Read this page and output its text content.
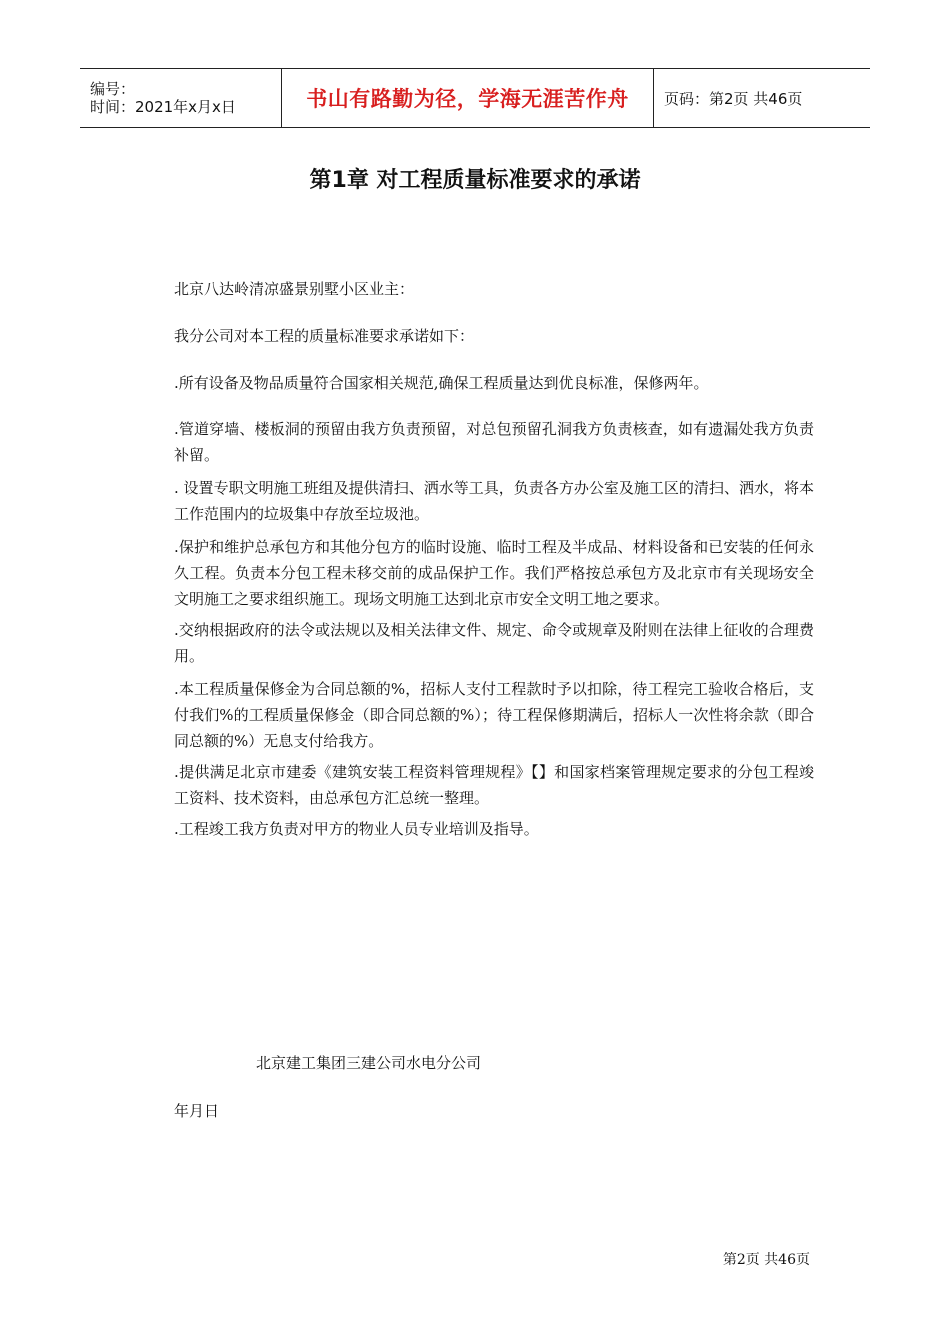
编号：
时间：2021年x月x日	书山有路勤为径，学海无涯苦作舟 页码：第2页 共46页
第1章 对工程质量标准要求的承诺
北京八达岭清凉盛景别墅小区业主：
我分公司对本工程的质量标准要求承诺如下：
.所有设备及物品质量符合国家相关规范,确保工程质量达到优良标准，保修两年。
.管道穿墙、楼板洞的预留由我方负责预留，对总包预留孔洞我方负责核查，如有遗漏处我方负责补留。
. 设置专职文明施工班组及提供清扫、洒水等工具，负责各方办公室及施工区的清扫、洒水，将本工作范围内的垃圾集中存放至垃圾池。
.保护和维护总承包方和其他分包方的临时设施、临时工程及半成品、材料设备和已安装的任何永久工程。负责本分包工程未移交前的成品保护工作。我们严格按总承包方及北京市有关现场安全文明施工之要求组织施工。现场文明施工达到北京市安全文明工地之要求。
.交纳根据政府的法令或法规以及相关法律文件、规定、命令或规章及附则在法律上征收的合理费用。
.本工程质量保修金为合同总额的%，招标人支付工程款时予以扣除，待工程完工验收合格后，支付我们%的工程质量保修金（即合同总额的%）；待工程保修期满后，招标人一次性将余款（即合同总额的%）无息支付给我方。
.提供满足北京市建委《建筑安装工程资料管理规程》【】和国家档案管理规定要求的分包工程竣工资料、技术资料，由总承包方汇总统一整理。
.工程竣工我方负责对甲方的物业人员专业培训及指导。
北京建工集团三建公司水电分公司
年月日
第2页 共46页
